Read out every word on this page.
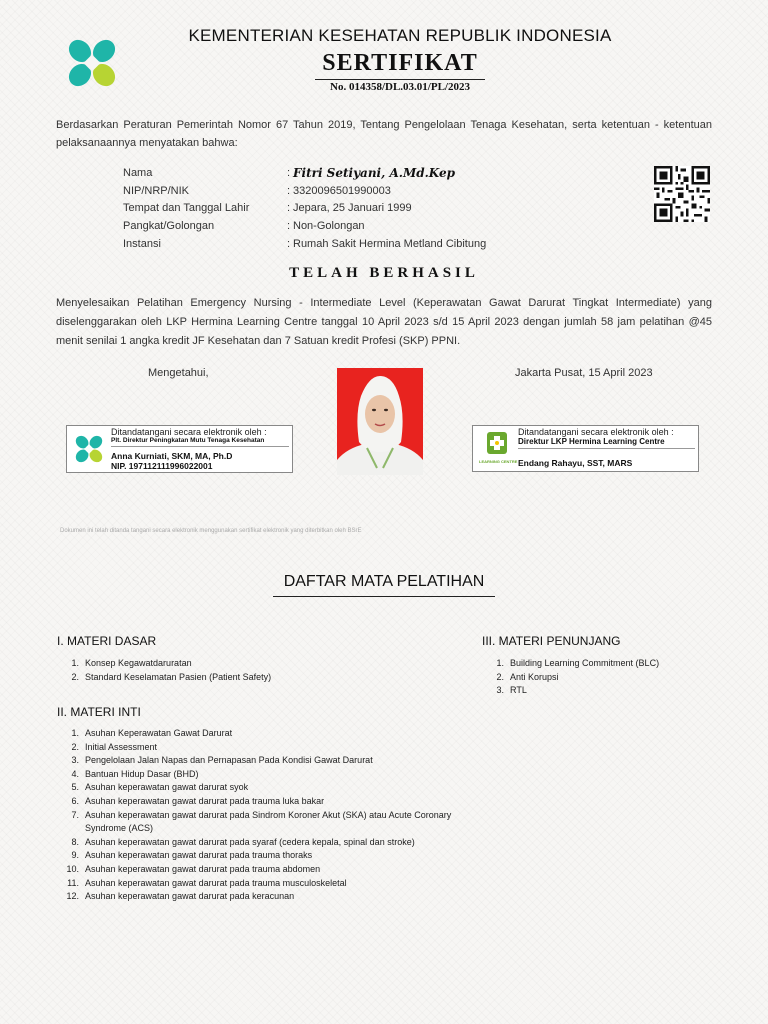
KEMENTERIAN KESEHATAN REPUBLIK INDONESIA
SERTIFIKAT
No. 014358/DL.03.01/PL/2023
Berdasarkan Peraturan Pemerintah Nomor 67 Tahun 2019, Tentang Pengelolaan Tenaga Kesehatan, serta ketentuan - ketentuan pelaksanaannya menyatakan bahwa:
Nama	: Fitri Setiyani, A.Md.Kep
NIP/NRP/NIK	: 3320096501990003
Tempat dan Tanggal Lahir	: Jepara, 25 Januari 1999
Pangkat/Golongan	: Non-Golongan
Instansi	: Rumah Sakit Hermina Metland Cibitung
TELAH BERHASIL
Menyelesaikan Pelatihan Emergency Nursing - Intermediate Level (Keperawatan Gawat Darurat Tingkat Intermediate) yang diselenggarakan oleh LKP Hermina Learning Centre tanggal 10 April 2023 s/d 15 April 2023 dengan jumlah 58 jam pelatihan @45 menit senilai 1 angka kredit JF Kesehatan dan 7 Satuan kredit Profesi (SKP) PPNI.
Mengetahui,	Jakarta Pusat, 15 April 2023
Ditandatangani secara elektronik oleh :
Plt. Direktur Peningkatan Mutu Tenaga Kesehatan
Anna Kurniati, SKM, MA, Ph.D
NIP. 197112111996022001	LEARNING CENTRE
Ditandatangani secara elektronik oleh :
Direktur LKP Hermina Learning Centre
Endang Rahayu, SST, MARS
Dokumen ini telah ditanda tangani secara elektronik menggunakan sertifikat elektronik yang diterbitkan oleh BSrE
DAFTAR MATA PELATIHAN
I. MATERI DASAR
1. Konsep Kegawatdaruratan
2. Standard Keselamatan Pasien (Patient Safety)
III. MATERI PENUNJANG
1. Building Learning Commitment (BLC)
2. Anti Korupsi
3. RTL
II. MATERI INTI
1. Asuhan Keperawatan Gawat Darurat
2. Initial Assessment
3. Pengelolaan Jalan Napas dan Pernapasan Pada Kondisi Gawat Darurat
4. Bantuan Hidup Dasar (BHD)
5. Asuhan keperawatan gawat darurat syok
6. Asuhan keperawatan gawat darurat pada trauma luka bakar
7. Asuhan keperawatan gawat darurat pada Sindrom Koroner Akut (SKA) atau Acute Coronary Syndrome (ACS)
8. Asuhan keperawatan gawat darurat pada syaraf (cedera kepala, spinal dan stroke)
9. Asuhan keperawatan gawat darurat pada trauma thoraks
10. Asuhan keperawatan gawat darurat pada trauma abdomen
11. Asuhan keperawatan gawat darurat pada trauma musculoskeletal
12. Asuhan keperawatan gawat darurat pada keracunan
